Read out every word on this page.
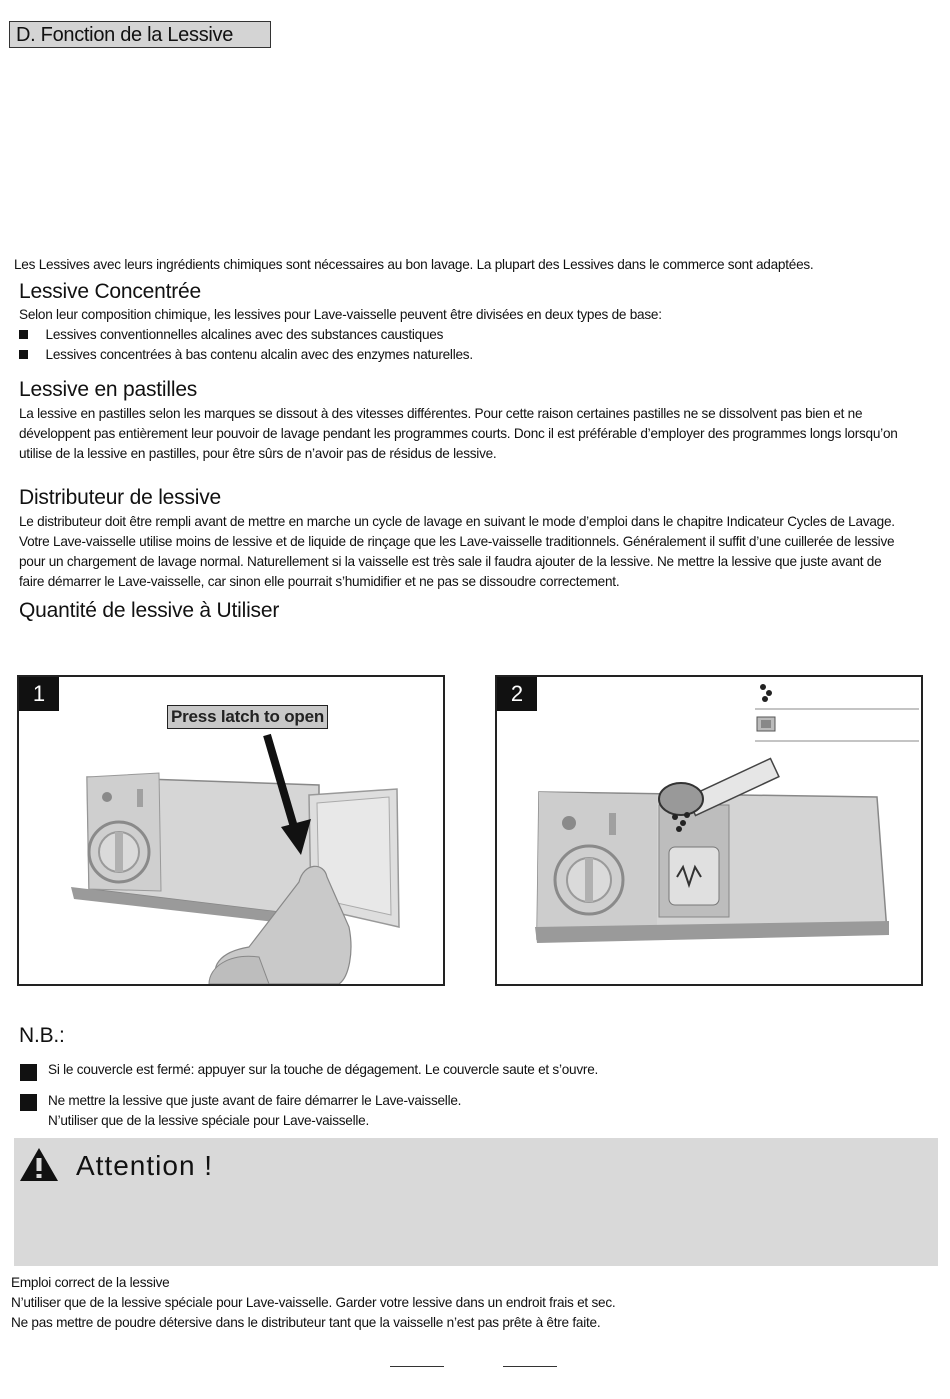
D. Fonction de la Lessive
Les Lessives avec leurs ingrédients chimiques sont nécessaires au bon lavage. La plupart des Lessives dans le commerce sont adaptées.
Lessive Concentrée
Selon leur composition chimique, les lessives pour Lave-vaisselle peuvent être divisées en deux types de base:
Lessives conventionnelles alcalines avec des substances caustiques
Lessives concentrées à bas contenu alcalin avec des enzymes naturelles.
Lessive en pastilles
La lessive en pastilles selon les marques se dissout à des vitesses différentes. Pour cette raison certaines pastilles ne se dissolvent pas bien et ne
développent pas entièrement leur pouvoir de lavage pendant les programmes courts. Donc il est préférable d’employer des programmes longs lorsqu’on
utilise de la lessive en pastilles, pour être sûrs de n’avoir pas de résidus de lessive.
Distributeur de lessive
Le distributeur doit être rempli avant de mettre en marche un cycle de lavage en suivant le mode d’emploi dans le chapitre Indicateur Cycles de Lavage.
Votre Lave-vaisselle utilise moins de lessive et de liquide de rinçage que les Lave-vaisselle traditionnels. Généralement il suffit d’une cuillerée de lessive
pour un chargement de lavage normal. Naturellement si la vaisselle est très sale il faudra ajouter de la lessive. Ne mettre la lessive que juste avant de
faire démarrer le Lave-vaisselle, car sinon elle pourrait s’humidifier et ne pas se dissoudre correctement.
Quantité de lessive à Utiliser
1
Press latch to open
2
N.B.:
Si le couvercle est fermé: appuyer sur la touche de dégagement. Le couvercle saute et s’ouvre.
Ne mettre la lessive que juste avant de faire démarrer le Lave-vaisselle.
N’utiliser que de la lessive spéciale pour Lave-vaisselle.
Attention !
Emploi correct de la lessive
N’utiliser que de la lessive spéciale pour Lave-vaisselle. Garder votre lessive dans un endroit frais et sec.
Ne pas mettre de poudre détersive dans le distributeur tant que la vaisselle n’est pas prête à être faite.
